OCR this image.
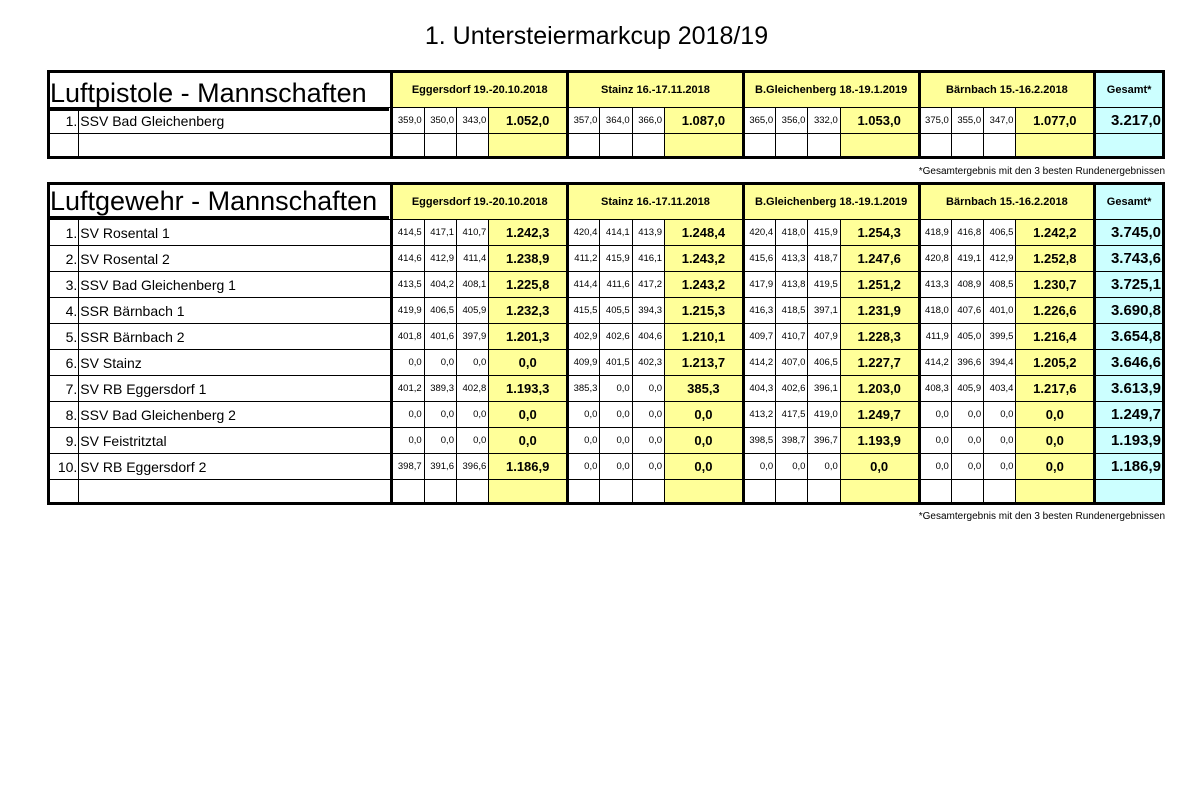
1. Untersteiermarkcup 2018/19
Luftpistole - Mannschaften
		Eggersdorf 19.-20.10.2018				Stainz 16.-17.11.2018				B.Gleichenberg 18.-19.1.2019				Bärnbach 15.-16.2.2018				Gesamt*
1.	SSV Bad Gleichenberg	359,0	350,0	343,0	1.052,0	357,0	364,0	366,0	1.087,0	365,0	356,0	332,0	1.053,0	375,0	355,0	347,0	1.077,0	3.217,0

*Gesamtergebnis mit den 3 besten Rundenergebnissen
Luftgewehr - Mannschaften
		Eggersdorf 19.-20.10.2018				Stainz 16.-17.11.2018				B.Gleichenberg 18.-19.1.2019				Bärnbach 15.-16.2.2018				Gesamt*
1.	SV Rosental 1	414,5	417,1	410,7	1.242,3	420,4	414,1	413,9	1.248,4	420,4	418,0	415,9	1.254,3	418,9	416,8	406,5	1.242,2	3.745,0
2.	SV Rosental 2	414,6	412,9	411,4	1.238,9	411,2	415,9	416,1	1.243,2	415,6	413,3	418,7	1.247,6	420,8	419,1	412,9	1.252,8	3.743,6
3.	SSV Bad Gleichenberg 1	413,5	404,2	408,1	1.225,8	414,4	411,6	417,2	1.243,2	417,9	413,8	419,5	1.251,2	413,3	408,9	408,5	1.230,7	3.725,1
4.	SSR Bärnbach 1	419,9	406,5	405,9	1.232,3	415,5	405,5	394,3	1.215,3	416,3	418,5	397,1	1.231,9	418,0	407,6	401,0	1.226,6	3.690,8
5.	SSR Bärnbach 2	401,8	401,6	397,9	1.201,3	402,9	402,6	404,6	1.210,1	409,7	410,7	407,9	1.228,3	411,9	405,0	399,5	1.216,4	3.654,8
6.	SV Stainz	0,0	0,0	0,0	0,0	409,9	401,5	402,3	1.213,7	414,2	407,0	406,5	1.227,7	414,2	396,6	394,4	1.205,2	3.646,6
7.	SV RB Eggersdorf 1	401,2	389,3	402,8	1.193,3	385,3	0,0	0,0	385,3	404,3	402,6	396,1	1.203,0	408,3	405,9	403,4	1.217,6	3.613,9
8.	SSV Bad Gleichenberg 2	0,0	0,0	0,0	0,0	0,0	0,0	0,0	0,0	413,2	417,5	419,0	1.249,7	0,0	0,0	0,0	0,0	1.249,7
9.	SV Feistritztal	0,0	0,0	0,0	0,0	0,0	0,0	0,0	0,0	398,5	398,7	396,7	1.193,9	0,0	0,0	0,0	0,0	1.193,9
10.	SV RB Eggersdorf 2	398,7	391,6	396,6	1.186,9	0,0	0,0	0,0	0,0	0,0	0,0	0,0	0,0	0,0	0,0	0,0	0,0	1.186,9

*Gesamtergebnis mit den 3 besten Rundenergebnissen
